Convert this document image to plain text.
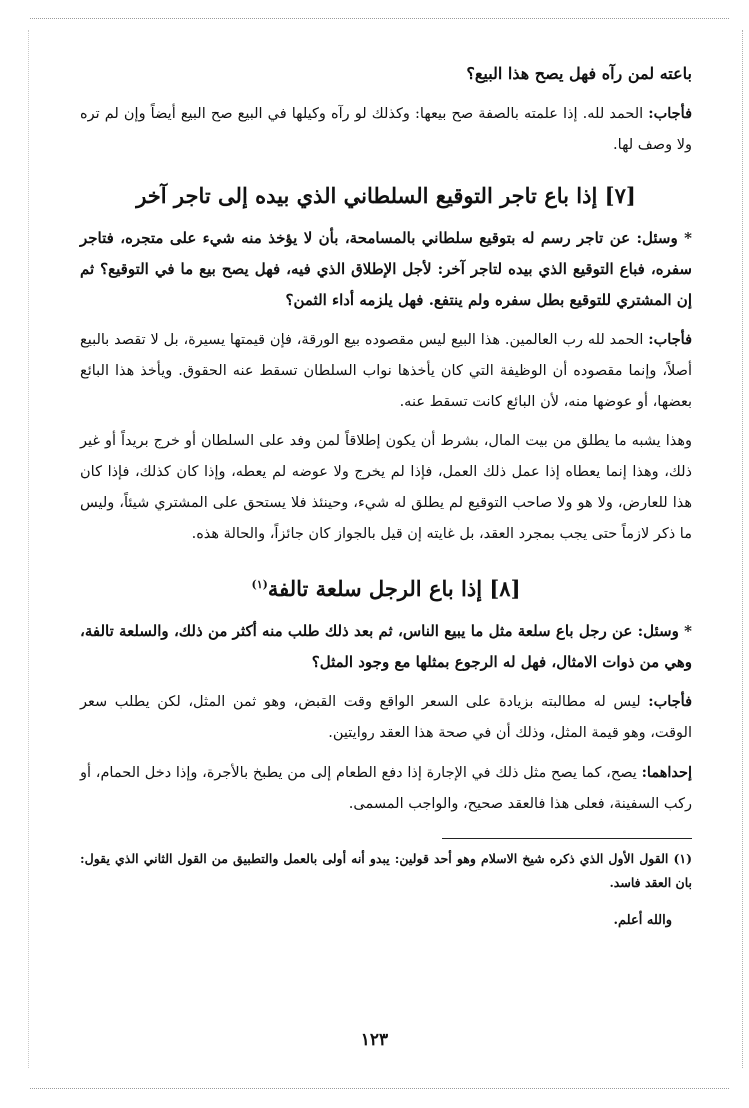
باعته لمن رآه فهل يصح هذا البيع؟

فأجاب: الحمد لله. إذا علمته بالصفة صح بيعها: وكذلك لو رآه وكيلها في البيع صح البيع أيضاً وإن لم تره ولا وصف لها.

[٧] إذا باع تاجر التوقيع السلطاني الذي بيده إلى تاجر آخر

* وسئل: عن تاجر رسم له بتوقيع سلطاني بالمسامحة، بأن لا يؤخذ منه شيء على متجره، فتاجر سفره، فباع التوقيع الذي بيده لتاجر آخر: لأجل الإطلاق الذي فيه، فهل يصح بيع ما في التوقيع؟ ثم إن المشتري للتوقيع بطل سفره ولم ينتفع. فهل يلزمه أداء الثمن؟

فأجاب: الحمد لله رب العالمين. هذا البيع ليس مقصوده بيع الورقة، فإن قيمتها يسيرة، بل لا تقصد بالبيع أصلاً، وإنما مقصوده أن الوظيفة التي كان يأخذها نواب السلطان تسقط عنه الحقوق. ويأخذ هذا البائع بعضها، أو عوضها منه، لأن البائع كانت تسقط عنه.

وهذا يشبه ما يطلق من بيت المال، بشرط أن يكون إطلاقاً لمن وفد على السلطان أو خرج بريداً أو غير ذلك، وهذا إنما يعطاه إذا عمل ذلك العمل، فإذا لم يخرج ولا عوضه لم يعطه، وإذا كان كذلك، فإذا كان هذا للعارض، ولا هو ولا صاحب التوقيع لم يطلق له شيء، وحينئذ فلا يستحق على المشتري شيئاً، وليس ما ذكر لازماً حتى يجب بمجرد العقد، بل غايته إن قيل بالجواز كان جائزاً، والحالة هذه.

[٨] إذا باع الرجل سلعة تالفة$^{(١)}$

* وسئل: عن رجل باع سلعة مثل ما يبيع الناس، ثم بعد ذلك طلب منه أكثر من ذلك، والسلعة تالفة، وهي من ذوات الامثال، فهل له الرجوع بمثلها مع وجود المثل؟

فأجاب: ليس له مطالبته بزيادة على السعر الواقع وقت القبض، وهو ثمن المثل، لكن يطلب سعر الوقت، وهو قيمة المثل، وذلك أن في صحة هذا العقد روايتين.

إحداهما: يصح، كما يصح مثل ذلك في الإجارة إذا دفع الطعام إلى من يطبخ بالأجرة، وإذا دخل الحمام، أو ركب السفينة، فعلى هذا فالعقد صحيح، والواجب المسمى.

(١) القول الأول الذي ذكره شيخ الاسلام وهو أحد قولين: يبدو أنه أولى بالعمل والتطبيق من القول الثاني الذي يقول: بان العقد فاسد.

والله أعلم.

١٢٣
